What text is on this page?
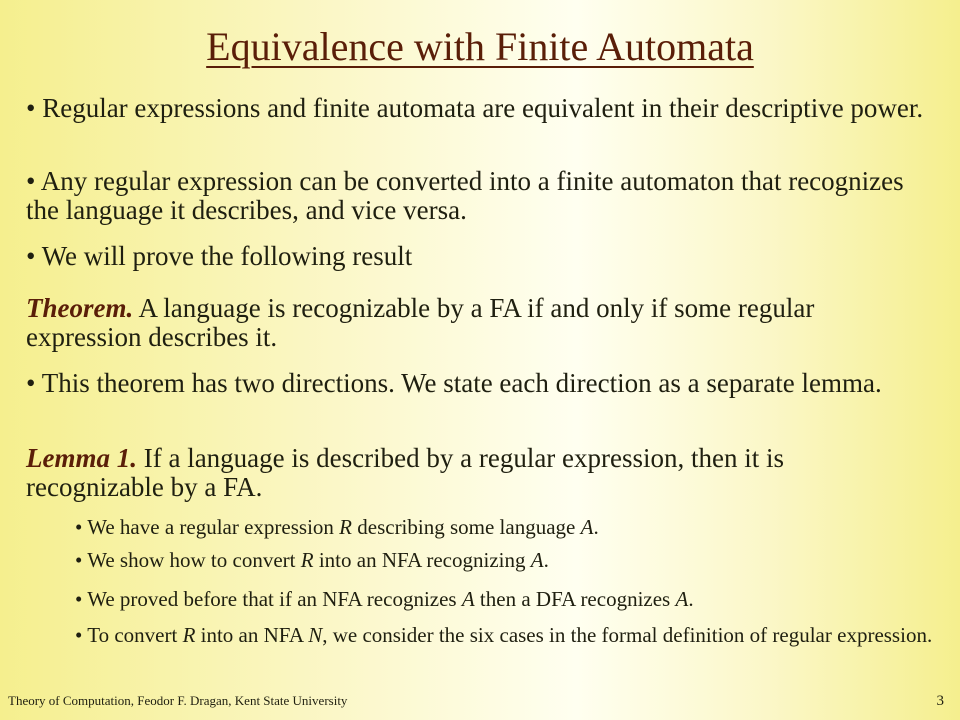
Equivalence with Finite Automata
• Regular expressions and finite automata are equivalent in their descriptive power.
• Any regular expression can be converted into a finite automaton that recognizes the language it describes, and vice versa.
• We will prove the following result
Theorem. A language is recognizable by a FA if and only if some regular expression describes it.
• This theorem has two directions. We state each direction as a separate lemma.
Lemma 1. If a language is described by a regular expression, then it is recognizable by a FA.
• We have a regular expression R describing some language A.
• We show how to convert R into an NFA recognizing A.
• We proved before that if an NFA recognizes A then a DFA recognizes A.
• To convert R into an NFA N, we consider the six cases in the formal definition of regular expression.
Theory of Computation, Feodor F. Dragan, Kent State University	3
